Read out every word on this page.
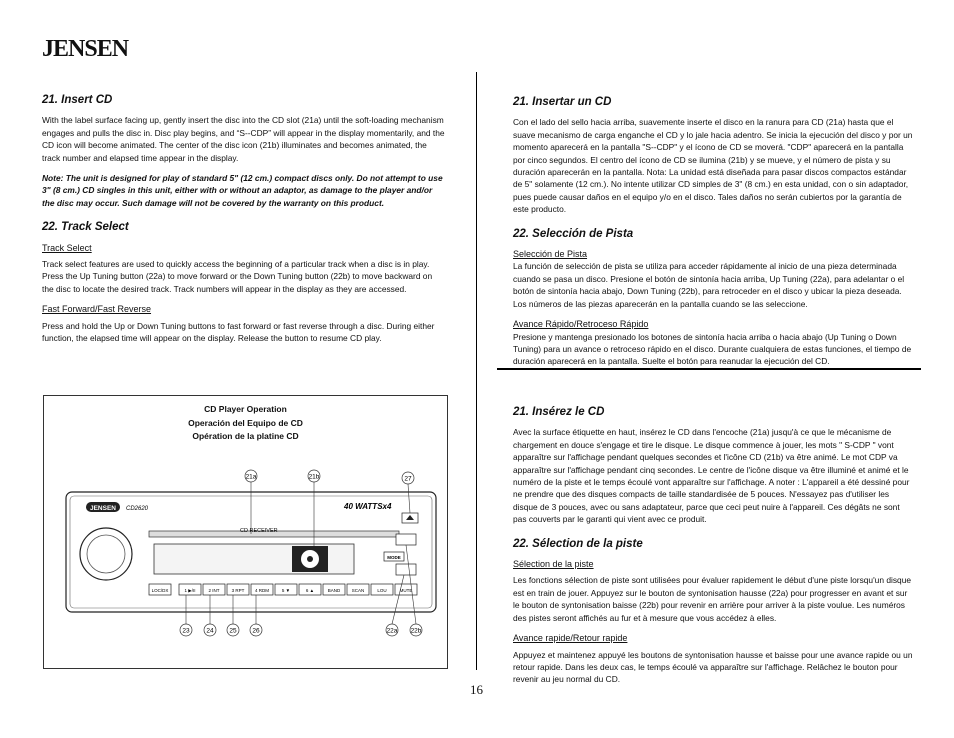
JENSEN
21. Insert CD

With the label surface facing up, gently insert the disc into the CD slot (21a) until the soft-loading mechanism engages and pulls the disc in. Disc play begins, and “S--CDP” will appear in the display momentarily, and the CD icon will become animated. The center of the disc icon (21b) illuminates and becomes animated, the track number and elapsed time appear in the display.

Note: The unit is designed for play of standard 5" (12 cm.) compact discs only. Do not attempt to use 3" (8 cm.) CD singles in this unit, either with or without an adaptor, as damage to the player and/or the disc may occur. Such damage will not be covered by the warranty on this product.

22. Track Select

Track Select

Track select features are used to quickly access the beginning of a particular track when a disc is in play. Press the Up Tuning button (22a) to move forward or the Down Tuning button (22b) to move backward on the disc to locate the desired track. Track numbers will appear in the display as they are accessed.

Fast Forward/Fast Reverse

Press and hold the Up or Down Tuning buttons to fast forward or fast reverse through a disc. During either function, the elapsed time will appear on the display. Release the button to resume CD play.

CD Player Operation
Operación del Equipo de CD
Opération de la platine CD
JENSEN CD2620	40 WATTSx4
CD RECEIVER
LOC/DX	1 ▶/II	2 INT	3 RPT 4 RDM	5 ▼	6 ▲	BAND	SCAN	LOU	MUTE
MODE
21a	21b	27
23	24 25 26	22a 22b
21. Insertar un CD

Con el lado del sello hacia arriba, suavemente inserte el disco en la ranura para CD (21a) hasta que el suave mecanismo de carga enganche el CD y lo jale hacia adentro. Se inicia la ejecución del disco y por un momento aparecerá en la pantalla "S--CDP" y el ícono de CD se moverá. "CDP" aparecerá en la pantalla por cinco segundos. El centro del ícono de CD se ilumina (21b) y se mueve, y el número de pista y su duración aparecerán en la pantalla. Nota: La unidad está diseñada para pasar discos compactos estándar de 5" solamente (12 cm.). No intente utilizar CD simples de 3" (8 cm.) en esta unidad, con o sin adaptador, pues puede causar daños en el equipo y/o en el disco. Tales daños no serán cubiertos por la garantía de este producto.

22. Selección de Pista

Selección de Pista

La función de selección de pista se utiliza para acceder rápidamente al inicio de una pieza determinada cuando se pasa un disco. Presione el botón de sintonía hacia arriba, Up Tuning (22a), para adelantar o el botón de sintonía hacia abajo, Down Tuning (22b), para retroceder en el disco y ubicar la pieza deseada. Los números de las piezas aparecerán en la pantalla cuando se las seleccione.

Avance Rápido/Retroceso Rápido

Presione y mantenga presionado los botones de sintonía hacia arriba o hacia abajo (Up Tuning o Down Tuning) para un avance o retroceso rápido en el disco. Durante cualquiera de estas funciones, el tiempo de duración aparecerá en la pantalla. Suelte el botón para reanudar la ejecución del CD.

21. Insérez le CD

Avec la surface étiquette en haut, insérez le CD dans l'encoche (21a) jusqu'à ce que le mécanisme de chargement en douce s'engage et tire le disque. Le disque commence à jouer, les mots " S-CDP " vont apparaître sur l'affichage pendant quelques secondes et l'icône CD (21b) va être animé. Le mot CDP va apparaître sur l'affichage pendant cinq secondes. Le centre de l'icône disque va être illuminé et animé et le numéro de la piste et le temps écoulé vont apparaître sur l'affichage. A noter : L'appareil a été dessiné pour ne prendre que des disques compacts de taille standardisée de 5 pouces. N'essayez pas d'utiliser les disque de 3 pouces, avec ou sans adaptateur, parce que ceci peut nuire à l'appareil. Ces dégâts ne sont pas couverts par le garanti qui vient avec ce produit.

22. Sélection de la piste

Sélection de la piste

Les fonctions sélection de piste sont utilisées pour évaluer rapidement le début d'une piste lorsqu'un disque est en train de jouer. Appuyez sur le bouton de syntonisation hausse (22a) pour progresser en avant et sur le bouton de syntonisation baisse (22b) pour revenir en arrière pour arriver à la piste voulue. Les numéros des pistes seront affichés au fur et à mesure que vous accédez à elles.

Avance rapide/Retour rapide

Appuyez et maintenez appuyé les boutons de syntonisation hausse et baisse pour une avance rapide ou un retour rapide. Dans les deux cas, le temps écoulé va apparaître sur l'affichage. Relâchez le bouton pour revenir au jeu normal du CD.

16
